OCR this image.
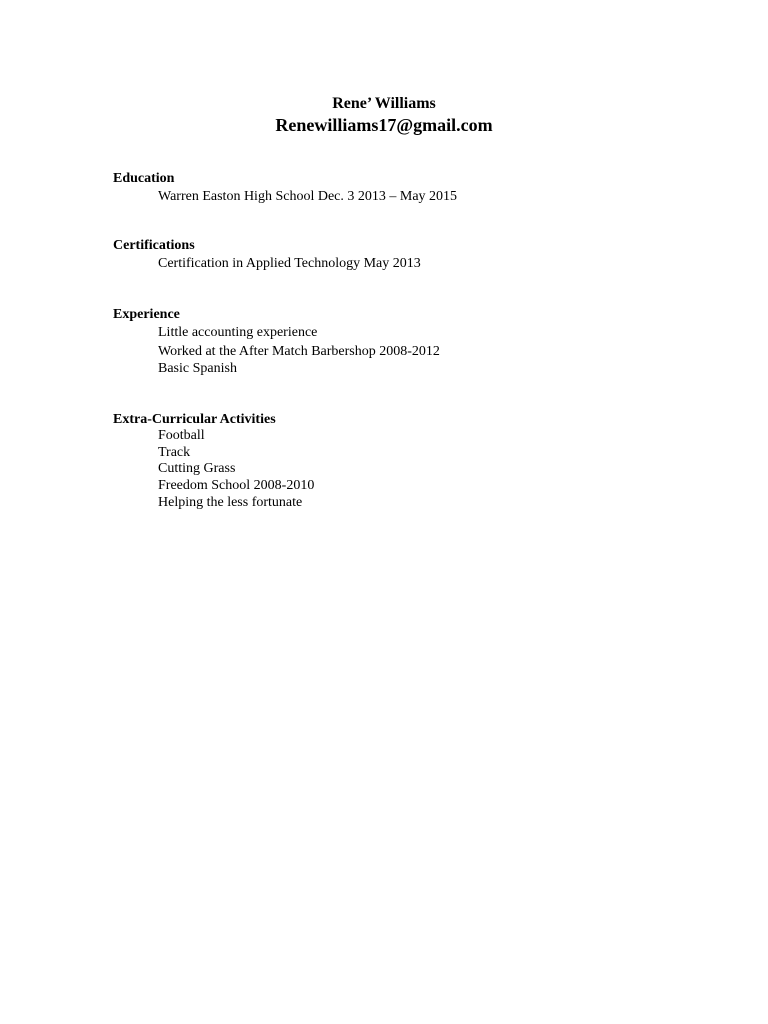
Rene’ Williams
Renewilliams17@gmail.com
Education
Warren Easton High School Dec. 3 2013 – May 2015
Certifications
Certification in Applied Technology May 2013
Experience
Little accounting experience
Worked at the After Match Barbershop 2008-2012
Basic Spanish
Extra-Curricular Activities
Football
Track
Cutting Grass
Freedom School 2008-2010
Helping the less fortunate
